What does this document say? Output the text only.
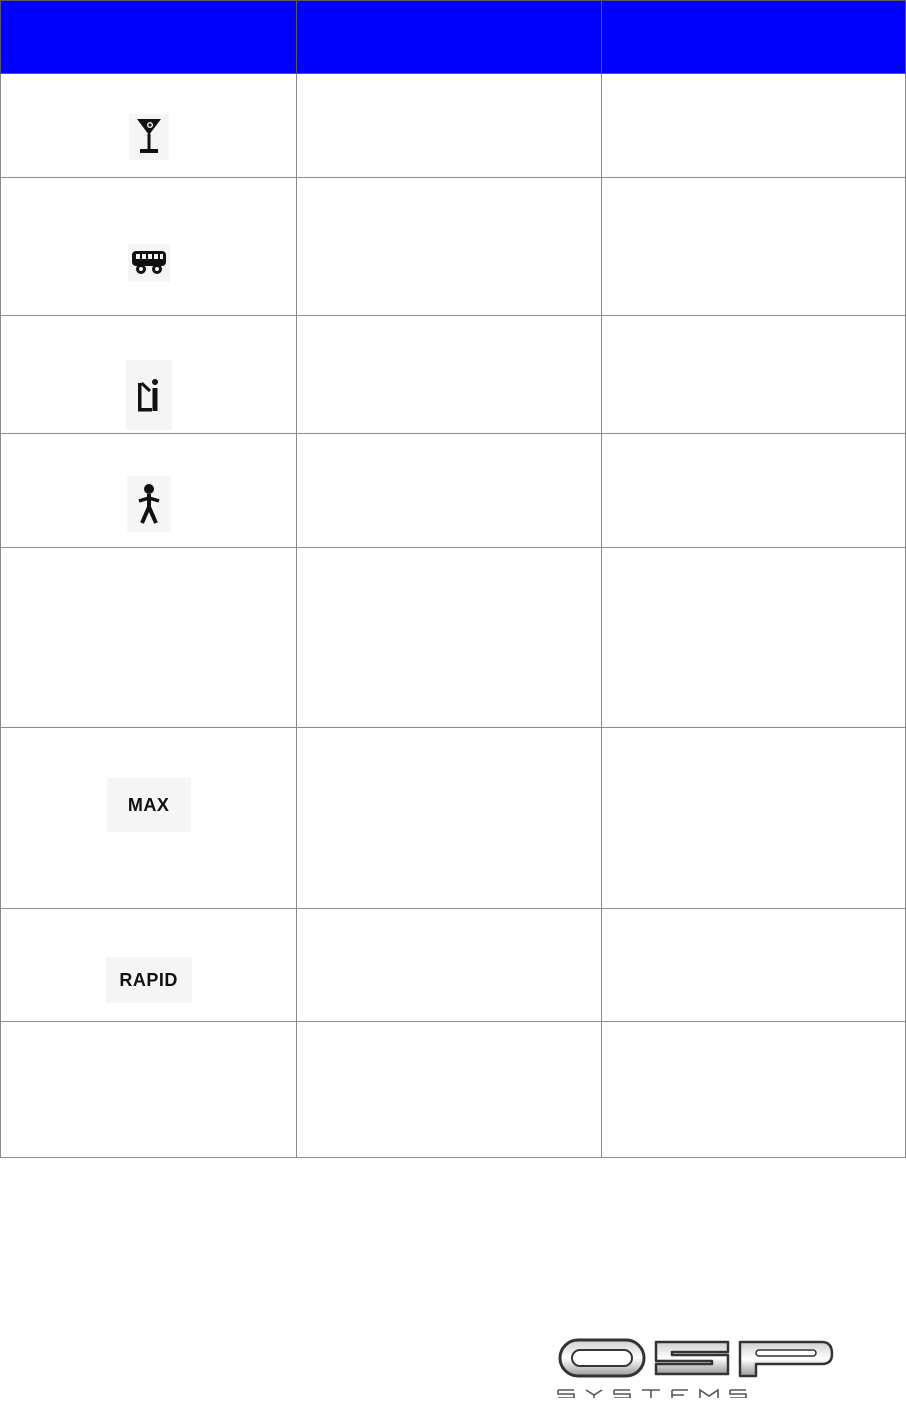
MAX		

RAPID		
